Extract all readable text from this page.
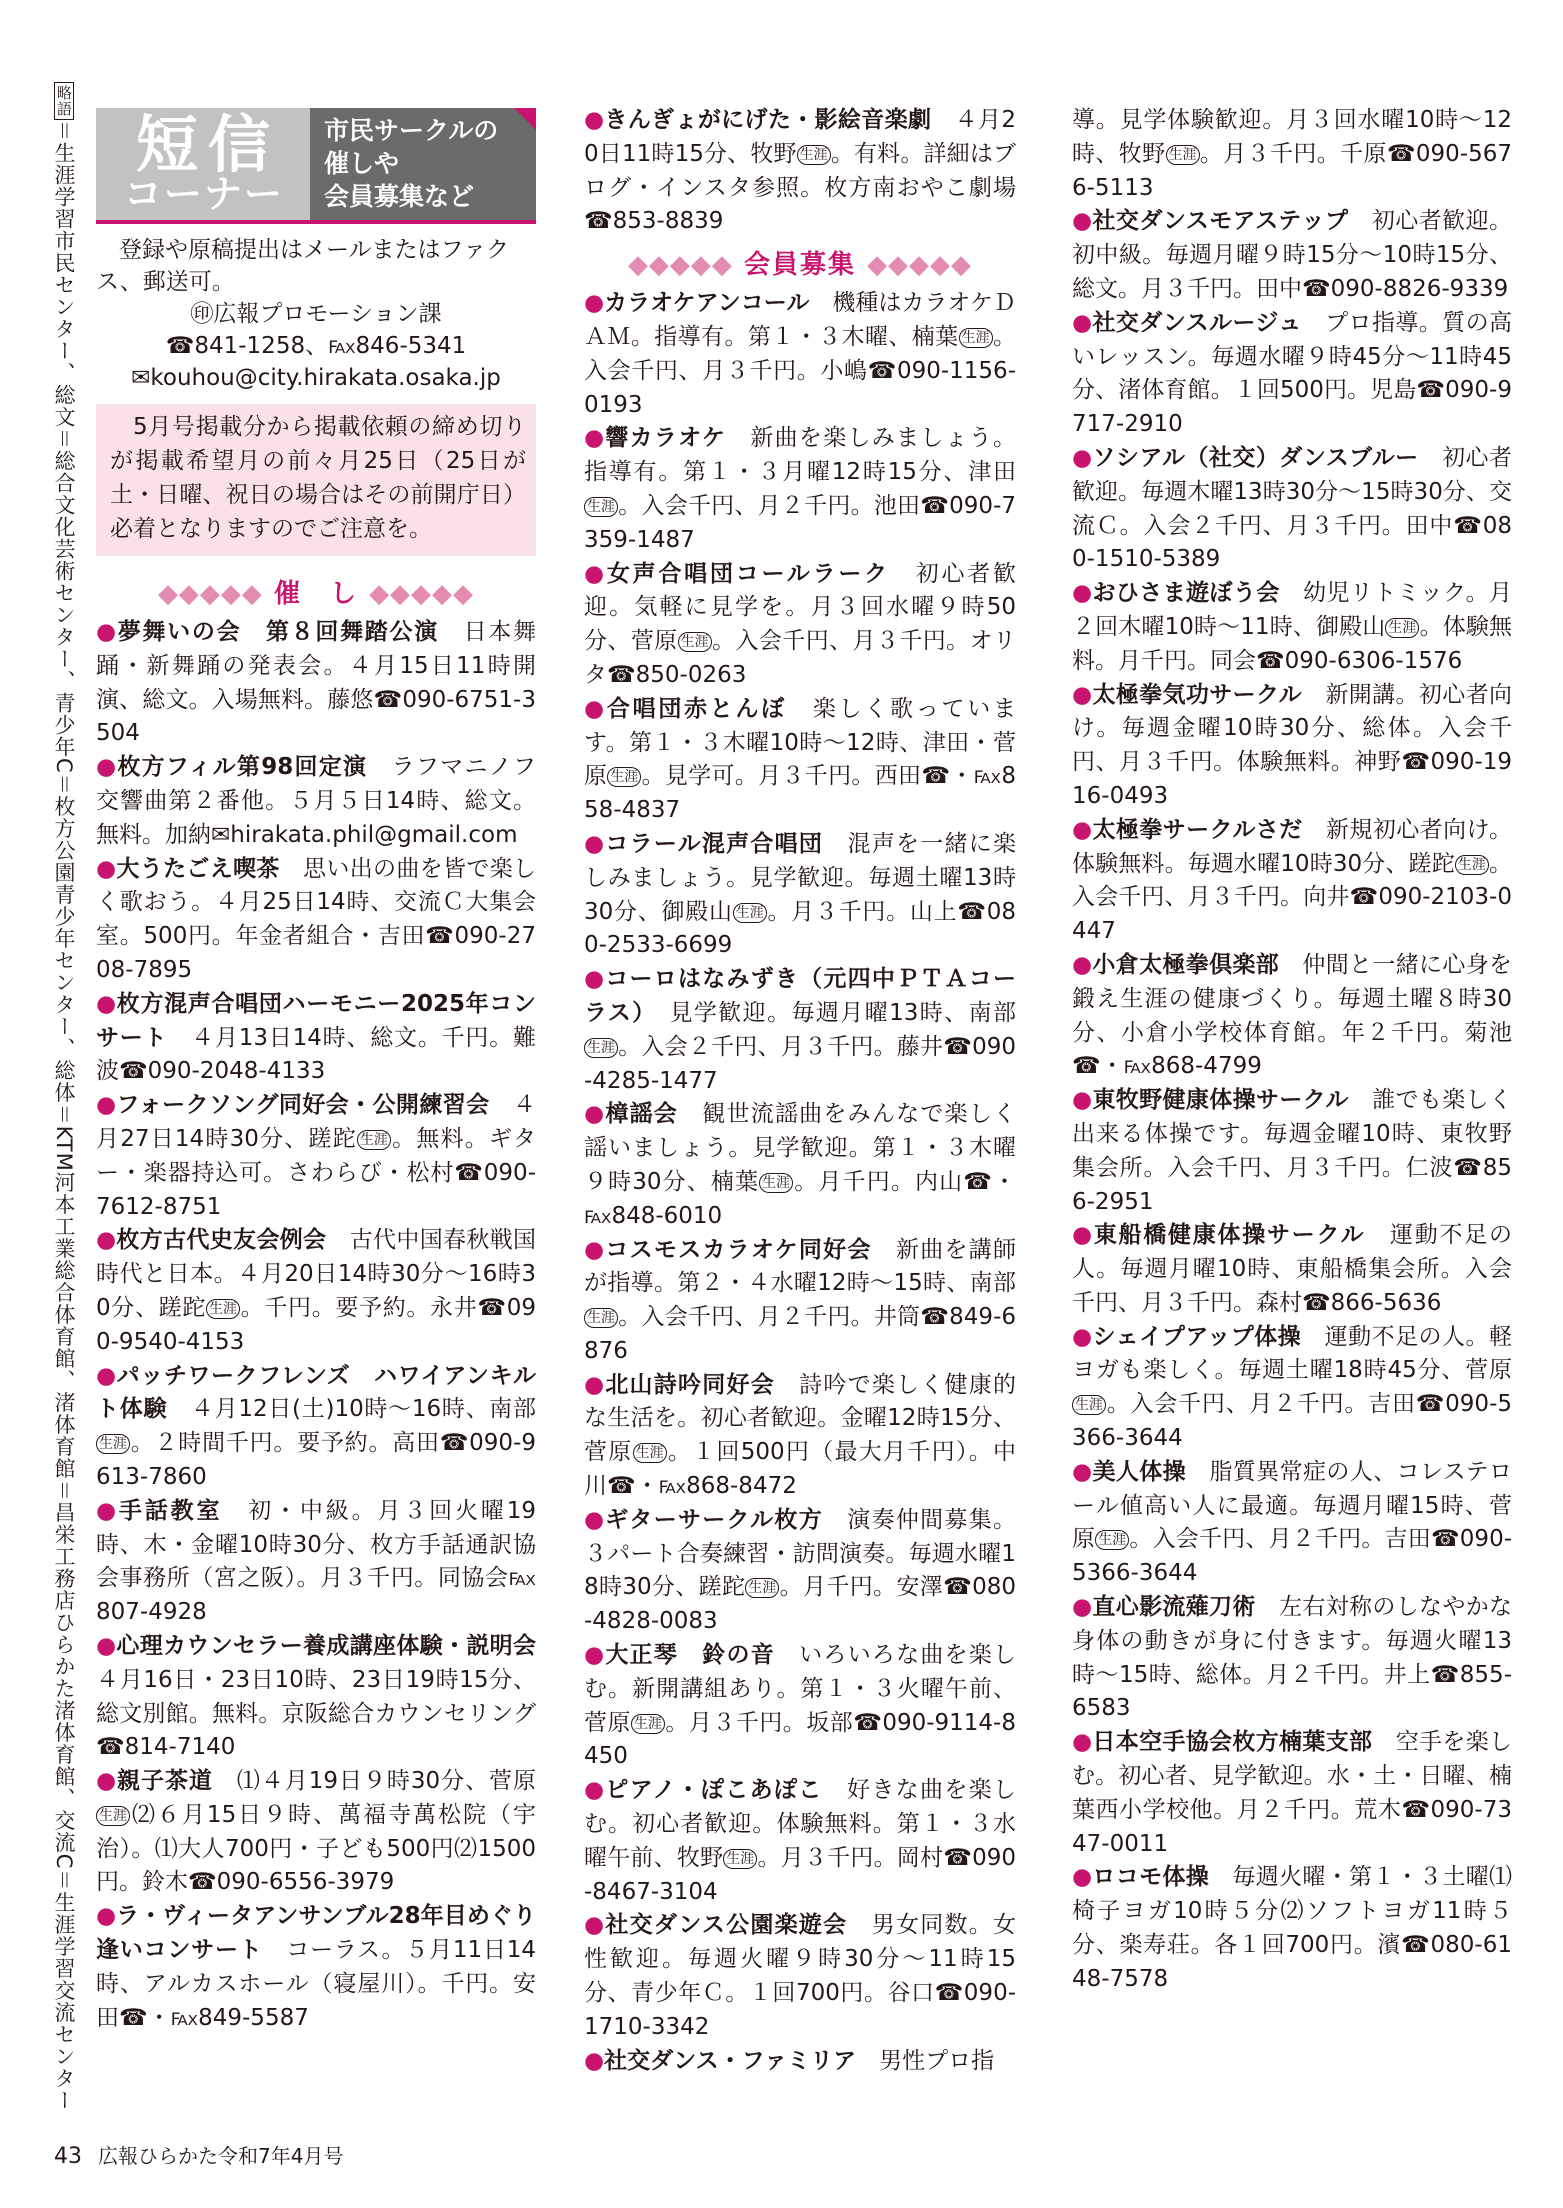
略語＝生涯学習市民センター、総文＝総合文化芸術センター、青少年C＝枚方公園青少年センター、総体＝KTM河本工業総合体育館、渚体育館＝昌栄工務店ひらかた渚体育館、交流C＝生涯学習交流センター 短信
コーナー
市民サークルの
催しや
会員募集など
登録や原稿提出はメールまたはファクス、郵送可。
㊞広報プロモーション課
☎841-1258、℻846-5341
✉kouhou@city.hirakata.osaka.jp
5月号掲載分から掲載依頼の締め切りが掲載希望月の前々月25日（25日が土・日曜、祝日の場合はその前開庁日）必着となりますのでご注意を。
◆◆◆◆◆ 催　し ◆◆◆◆◆
●夢舞いの会　第８回舞踏公演　 日本舞踊・新舞踊の発表会。４月15日11時開演、総文。入場無料。藤悠☎090-6751-3504
●枚方フィル第98回定演　 ラフマニノフ交響曲第２番他。５月５日14時、総文。無料。加納✉hirakata.phil@gmail.com
●大うたごえ喫茶　 思い出の曲を皆で楽しく歌おう。４月25日14時、交流Ｃ大集会室。500円。年金者組合・吉田☎090-2708-7895
●枚方混声合唱団ハーモニー2025年コンサート　 ４月13日14時、総文。千円。難波☎090-2048-4133
●フォークソング同好会・公開練習会　 ４月27日14時30分、蹉跎 生涯 。無料。ギター・楽器持込可。さわらび・松村☎090-7612-8751
●枚方古代史友会例会　 古代中国春秋戦国時代と日本。４月20日14時30分～16時30分、蹉跎 生涯 。千円。要予約。永井☎090-9540-4153
●パッチワークフレンズ　ハワイアンキルト体験　 ４月12日(土)10時～16時、南部生涯 。２時間千円。要予約。高田☎090-9613-7860
●手話教室　 初・中級。月３回火曜19時、木・金曜10時30分、枚方手話通訳協会事務所（宮之阪）。月３千円。同協会℻807-4928
●心理カウンセラー養成講座体験・説明会　４月16日・23日10時、23日19時15分、総文別館。無料。京阪総合カウンセリング☎814-7140
●親子茶道　 ⑴４月19日９時30分、菅原生涯 ⑵６月15日９時、萬福寺萬松院（宇治）。⑴大人700円・子ども500円⑵1500円。鈴木☎090-6556-3979
●ラ・ヴィータアンサンブル28年目めぐり逢いコンサート　 コーラス。５月11日14時、アルカスホール（寝屋川）。千円。安田☎・℻849-5587
●きんぎょがにげた・影絵音楽劇　 ４月20日11時15分、牧野 生涯 。有料。詳細はブログ・インスタ参照。枚方南おやこ劇場☎853-8839
◆◆◆◆◆ 会員募集 ◆◆◆◆◆
●カラオケアンコール　 機種はカラオケＤＡＭ。指導有。第１・３木曜、楠葉 生涯 。入会千円、月３千円。小嶋☎090-1156-0193
●響カラオケ　 新曲を楽しみましょう。指導有。第１・３月曜12時15分、津田生涯 。入会千円、月２千円。池田☎090-7359-1487
●女声合唱団コールラーク　 初心者歓迎。気軽に見学を。月３回水曜９時50分、菅原 生涯 。入会千円、月３千円。オリタ☎850-0263
●合唱団赤とんぼ　 楽しく歌っています。第１・３木曜10時～12時、津田・菅原 生涯 。見学可。月３千円。西田☎・℻858-4837
●コラール混声合唱団　 混声を一緒に楽しみましょう。見学歓迎。毎週土曜13時30分、御殿山 生涯 。月３千円。山上☎080-2533-6699
●コーロはなみずき（元四中ＰＴＡコーラス）　 見学歓迎。毎週月曜13時、南部生涯 。入会２千円、月３千円。藤井☎090-4285-1477
●樟謡会　 観世流謡曲をみんなで楽しく謡いましょう。見学歓迎。第１・３木曜９時30分、楠葉 生涯 。月千円。内山☎・℻848-6010
●コスモスカラオケ同好会　 新曲を講師が指導。第２・４水曜12時～15時、南部生涯 。入会千円、月２千円。井筒☎849-6876
●北山詩吟同好会　 詩吟で楽しく健康的な生活を。初心者歓迎。金曜12時15分、菅原 生涯 。１回500円（最大月千円）。中川☎・℻868-8472
●ギターサークル枚方　 演奏仲間募集。３パート合奏練習・訪問演奏。毎週水曜18時30分、蹉跎 生涯 。月千円。安澤☎080-4828-0083
●大正琴　鈴の音　 いろいろな曲を楽しむ。新開講組あり。第１・３火曜午前、菅原 生涯 。月３千円。坂部☎090-9114-8450
●ピアノ・ぽこあぽこ　 好きな曲を楽しむ。初心者歓迎。体験無料。第１・３水曜午前、牧野 生涯 。月３千円。岡村☎090-8467-3104
●社交ダンス公園楽遊会　 男女同数。女性歓迎。毎週火曜９時30分～11時15分、青少年Ｃ。１回700円。谷口☎090-1710-3342
●社交ダンス・ファミリア　 男性プロ指
導。見学体験歓迎。月３回水曜10時～12時、牧野 生涯 。月３千円。千原☎090-5676-5113
●社交ダンスモアステップ　 初心者歓迎。初中級。毎週月曜９時15分～10時15分、総文。月３千円。田中☎090-8826-9339
●社交ダンスルージュ　 プロ指導。質の高いレッスン。毎週水曜９時45分～11時45分、渚体育館。１回500円。児島☎090-9717-2910
●ソシアル（社交）ダンスブルー　 初心者歓迎。毎週木曜13時30分～15時30分、交流Ｃ。入会２千円、月３千円。田中☎080-1510-5389
●おひさま遊ぼう会　 幼児リトミック。月２回木曜10時～11時、御殿山 生涯 。体験無料。月千円。同会☎090-6306-1576
●太極拳気功サークル　 新開講。初心者向け。毎週金曜10時30分、総体。入会千円、月３千円。体験無料。神野☎090-1916-0493
●太極拳サークルさだ　 新規初心者向け。体験無料。毎週水曜10時30分、蹉跎 生涯 。入会千円、月３千円。向井☎090-2103-0447
●小倉太極拳倶楽部　 仲間と一緒に心身を鍛え生涯の健康づくり。毎週土曜８時30分、小倉小学校体育館。年２千円。菊池☎・℻868-4799
●東牧野健康体操サークル　 誰でも楽しく出来る体操です。毎週金曜10時、東牧野集会所。入会千円、月３千円。仁波☎856-2951
●東船橋健康体操サークル　 運動不足の人。毎週月曜10時、東船橋集会所。入会千円、月３千円。森村☎866-5636
●シェイプアップ体操　 運動不足の人。軽ヨガも楽しく。毎週土曜18時45分、菅原生涯 。入会千円、月２千円。吉田☎090-5366-3644
●美人体操　 脂質異常症の人、コレステロール値高い人に最適。毎週月曜15時、菅原 生涯 。入会千円、月２千円。吉田☎090-5366-3644
●直心影流薙刀術　 左右対称のしなやかな身体の動きが身に付きます。毎週火曜13時～15時、総体。月２千円。井上☎855-6583
●日本空手協会枚方楠葉支部　 空手を楽しむ。初心者、見学歓迎。水・土・日曜、楠葉西小学校他。月２千円。荒木☎090-7347-0011
●ロコモ体操　 毎週火曜・第１・３土曜⑴椅子ヨガ10時５分⑵ソフトヨガ11時５分、楽寿荘。各１回700円。濱☎080-6148-7578
43 広報ひらかた令和7年4月号
